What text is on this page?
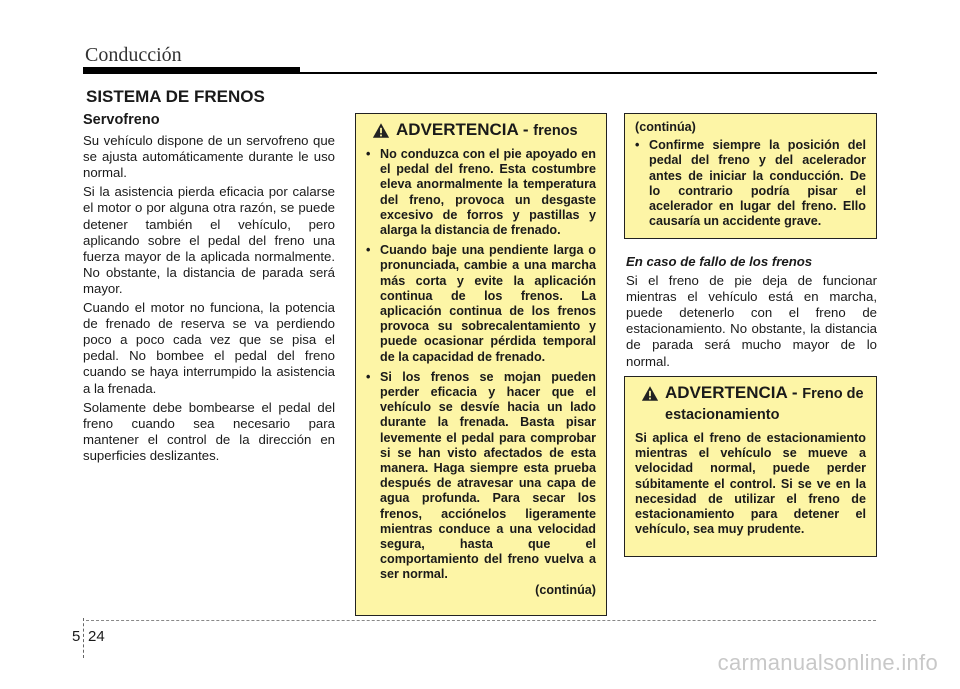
Conducción
SISTEMA DE FRENOS
Servofreno

Su vehículo dispone de un servofreno que se ajusta automáticamente durante le uso normal.

Si la asistencia pierda eficacia por calarse el motor o por alguna otra razón, se puede detener también el vehículo, pero aplicando sobre el pedal del freno una fuerza mayor de la aplicada normalmente. No obstante, la distancia de parada será mayor.

Cuando el motor no funciona, la potencia de frenado de reserva se va perdiendo poco a poco cada vez que se pisa el pedal. No bombee el pedal del freno cuando se haya interrumpido la asistencia a la frenada.

Solamente debe bombearse el pedal del freno cuando sea necesario para mantener el control de la dirección en superficies deslizantes.

ADVERTENCIA - frenos
• No conduzca con el pie apoyado en el pedal del freno. Esta costumbre eleva anormalmente la temperatura del freno, provoca un desgaste excesivo de forros y pastillas y alarga la distancia de frenado.
• Cuando baje una pendiente larga o pronunciada, cambie a una marcha más corta y evite la aplicación continua de los frenos. La aplicación continua de los frenos provoca su sobrecalentamiento y puede ocasionar pérdida temporal de la capacidad de frenado.
• Si los frenos se mojan pueden perder eficacia y hacer que el vehículo se desvíe hacia un lado durante la frenada. Basta pisar levemente el pedal para comprobar si se han visto afectados de esta manera. Haga siempre esta prueba después de atravesar una capa de agua profunda. Para secar los frenos, acciónelos ligeramente mientras conduce a una velocidad segura, hasta que el comportamiento del freno vuelva a ser normal.
(continúa)
(continúa)
• Confirme siempre la posición del pedal del freno y del acelerador antes de iniciar la conducción. De lo contrario podría pisar el acelerador en lugar del freno. Ello causaría un accidente grave.
En caso de fallo de los frenos

Si el freno de pie deja de funcionar mientras el vehículo está en marcha, puede detenerlo con el freno de estacionamiento. No obstante, la distancia de parada será mucho mayor de lo normal.

ADVERTENCIA - Freno de estacionamiento
Si aplica el freno de estacionamiento mientras el vehículo se mueve a velocidad normal, puede perder súbitamente el control. Si se ve en la necesidad de utilizar el freno de estacionamiento para detener el vehículo, sea muy prudente.
5 24
carmanualsonline.info
